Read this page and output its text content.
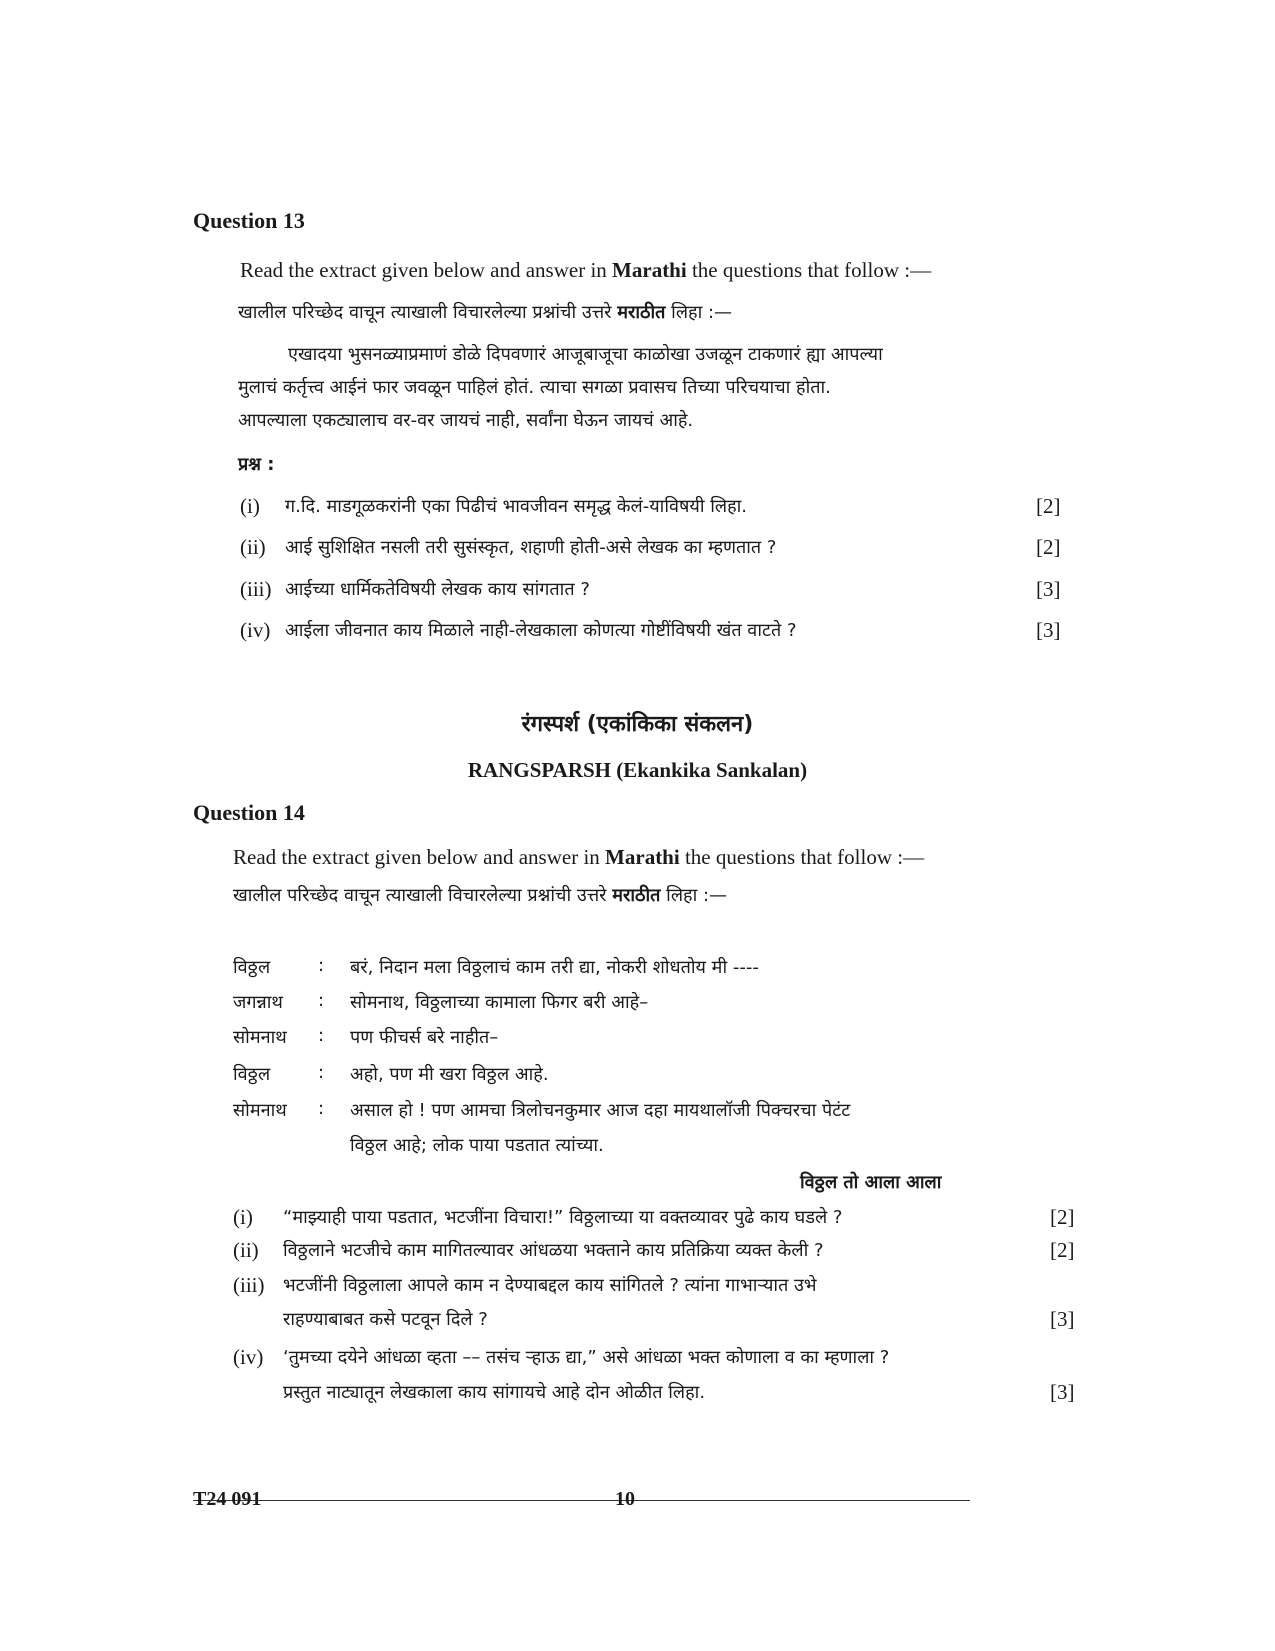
Question 13
Read the extract given below and answer in Marathi the questions that follow :—
खालील परिच्छेद वाचून त्याखाली विचारलेल्या प्रश्नांची उत्तरे मराठीत लिहा :—
एखादया भुसनळ्याप्रमाणं डोळे दिपवणारं आजूबाजूचा काळोखा उजळून टाकणारं ह्या आपल्या
मुलाचं कर्तृत्त्व आईनं फार जवळून पाहिलं होतं. त्याचा सगळा प्रवासच तिच्या परिचयाचा होता.
आपल्याला एकट्यालाच वर-वर जायचं नाही, सर्वांना घेऊन जायचं आहे.
प्रश्न :
(i) ग.दि. माडगूळकरांनी एका पिढीचं भावजीवन समृद्ध केलं-याविषयी लिहा.	[2]
(ii) आई सुशिक्षित नसली तरी सुसंस्कृत, शहाणी होती-असे लेखक का म्हणतात ?	[2]
(iii) आईच्या धार्मिकतेविषयी लेखक काय सांगतात ?	[3]
(iv) आईला जीवनात काय मिळाले नाही-लेखकाला कोणत्या गोष्टींविषयी खंत वाटते ?	[3]
रंगस्पर्श (एकांकिका संकलन)
RANGSPARSH (Ekankika Sankalan)
Question 14
Read the extract given below and answer in Marathi the questions that follow :—
खालील परिच्छेद वाचून त्याखाली विचारलेल्या प्रश्नांची उत्तरे मराठीत लिहा :—
विठ्ठल	: बरं, निदान मला विठ्ठलाचं काम तरी द्या, नोकरी शोधतोय मी ----
जगन्नाथ : सोमनाथ, विठ्ठलाच्या कामाला फिगर बरी आहे–
सोमनाथ : पण फीचर्स बरे नाहीत–
विठ्ठल	: अहो, पण मी खरा विठ्ठल आहे.
सोमनाथ : असाल हो ! पण आमचा त्रिलोचनकुमार आज दहा मायथालॉजी पिक्चरचा पेटंट
विठ्ठल आहे; लोक पाया पडतात त्यांच्या.
विठ्ठल तो आला आला
(i) “माझ्याही पाया पडतात, भटजींना विचारा!” विठ्ठलाच्या या वक्तव्यावर पुढे काय घडले ?	[2]
(ii) विठ्ठलाने भटजीचे काम मागितल्यावर आंधळया भक्ताने काय प्रतिक्रिया व्यक्त केली ?	[2]
(iii) भटजींनी विठ्ठलाला आपले काम न देण्याबद्दल काय सांगितले ? त्यांना गाभाऱ्यात उभे
राहण्याबाबत कसे पटवून दिले ?	[3]
(iv) ‘तुमच्या दयेने आंधळा व्हता –– तसंच ऱ्हाऊ द्या,” असे आंधळा भक्त कोणाला व का म्हणाला ?
प्रस्तुत नाट्यातून लेखकाला काय सांगायचे आहे दोन ओळीत लिहा.	[3]
T24 091	10
